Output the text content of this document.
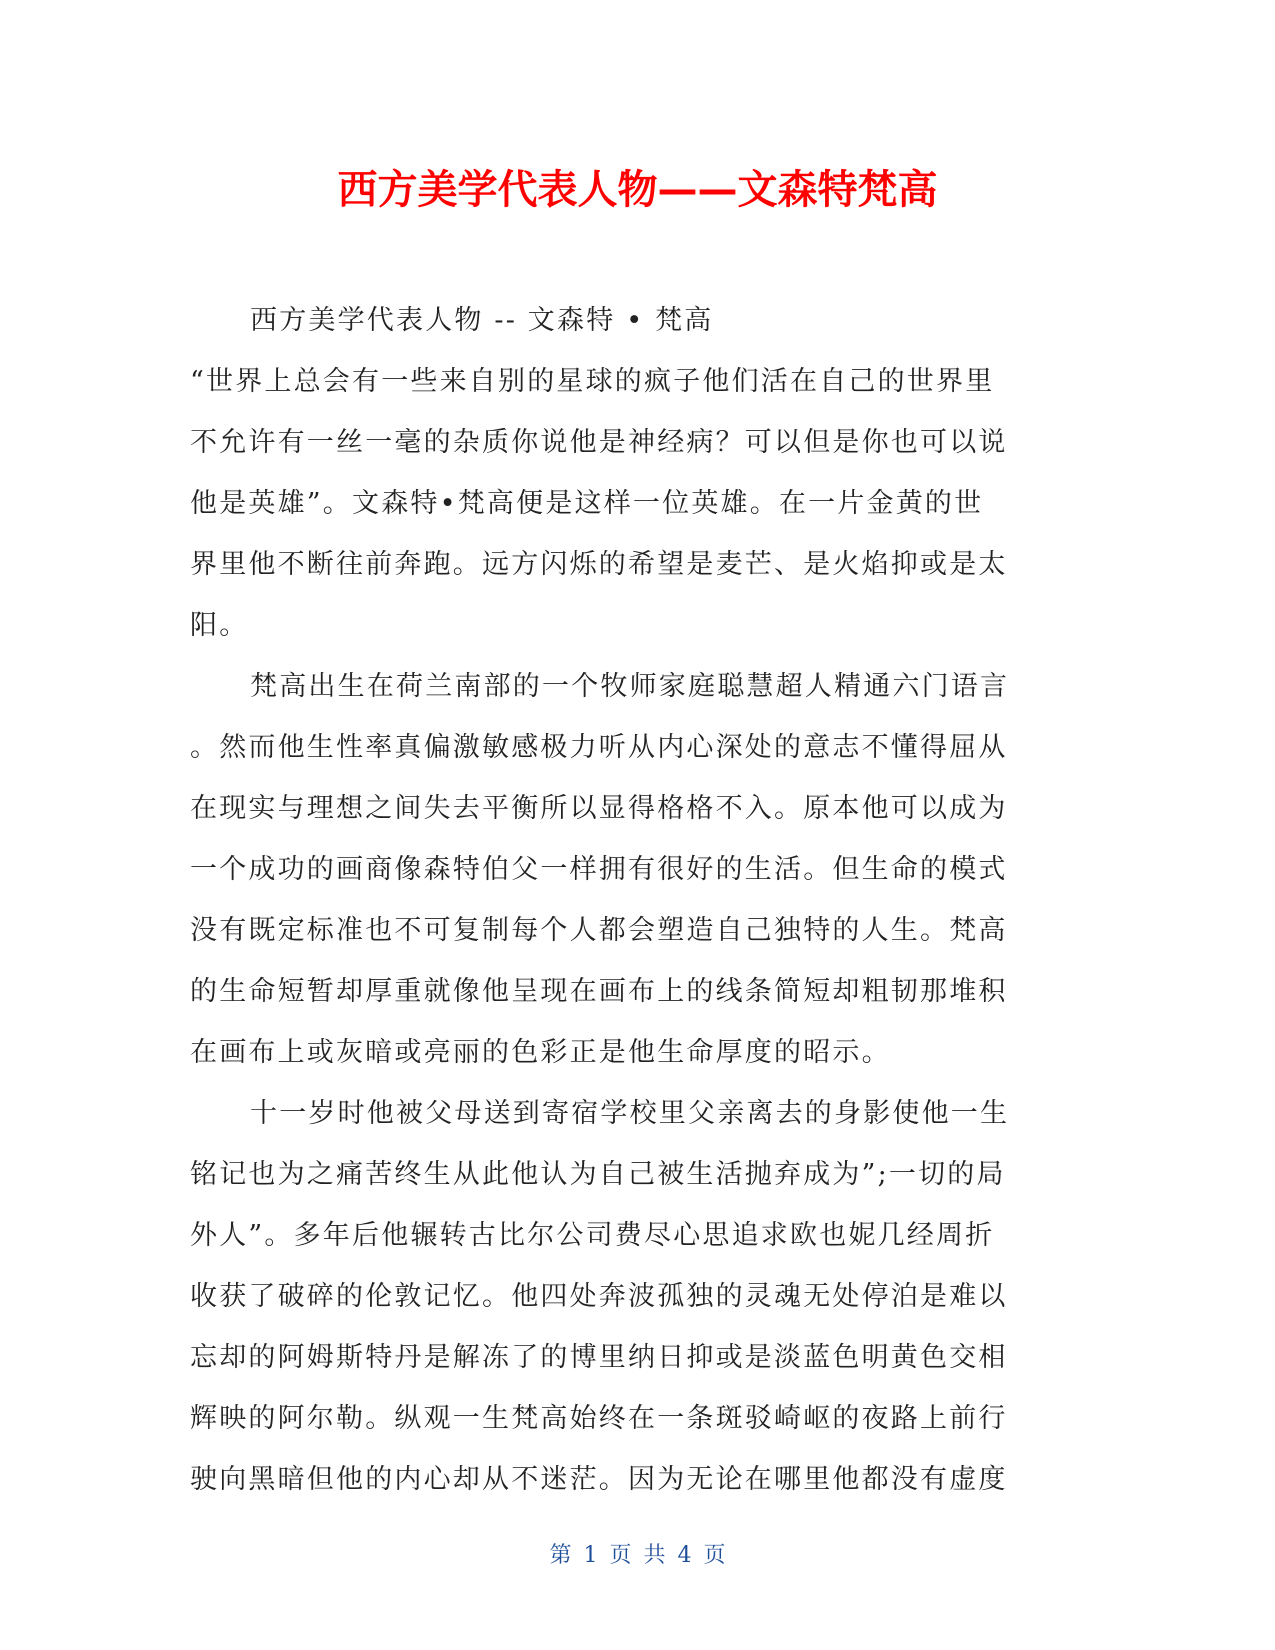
西方美学代表人物——文森特梵高
西方美学代表人物 -- 文森特 • 梵高
“世界上总会有一些来自别的星球的疯子他们活在自己的世界里
不允许有一丝一毫的杂质你说他是神经病？可以但是你也可以说
他是英雄”。文森特•梵高便是这样一位英雄。在一片金黄的世
界里他不断往前奔跑。远方闪烁的希望是麦芒、是火焰抑或是太
阳。
梵高出生在荷兰南部的一个牧师家庭聪慧超人精通六门语言
。然而他生性率真偏激敏感极力听从内心深处的意志不懂得屈从
在现实与理想之间失去平衡所以显得格格不入。原本他可以成为
一个成功的画商像森特伯父一样拥有很好的生活。但生命的模式
没有既定标准也不可复制每个人都会塑造自己独特的人生。梵高
的生命短暂却厚重就像他呈现在画布上的线条简短却粗韧那堆积
在画布上或灰暗或亮丽的色彩正是他生命厚度的昭示。
十一岁时他被父母送到寄宿学校里父亲离去的身影使他一生
铭记也为之痛苦终生从此他认为自己被生活抛弃成为”;一切的局
外人”。多年后他辗转古比尔公司费尽心思追求欧也妮几经周折
收获了破碎的伦敦记忆。他四处奔波孤独的灵魂无处停泊是难以
忘却的阿姆斯特丹是解冻了的博里纳日抑或是淡蓝色明黄色交相
辉映的阿尔勒。纵观一生梵高始终在一条斑驳崎岖的夜路上前行
驶向黑暗但他的内心却从不迷茫。因为无论在哪里他都没有虚度
第 1 页 共 4 页
